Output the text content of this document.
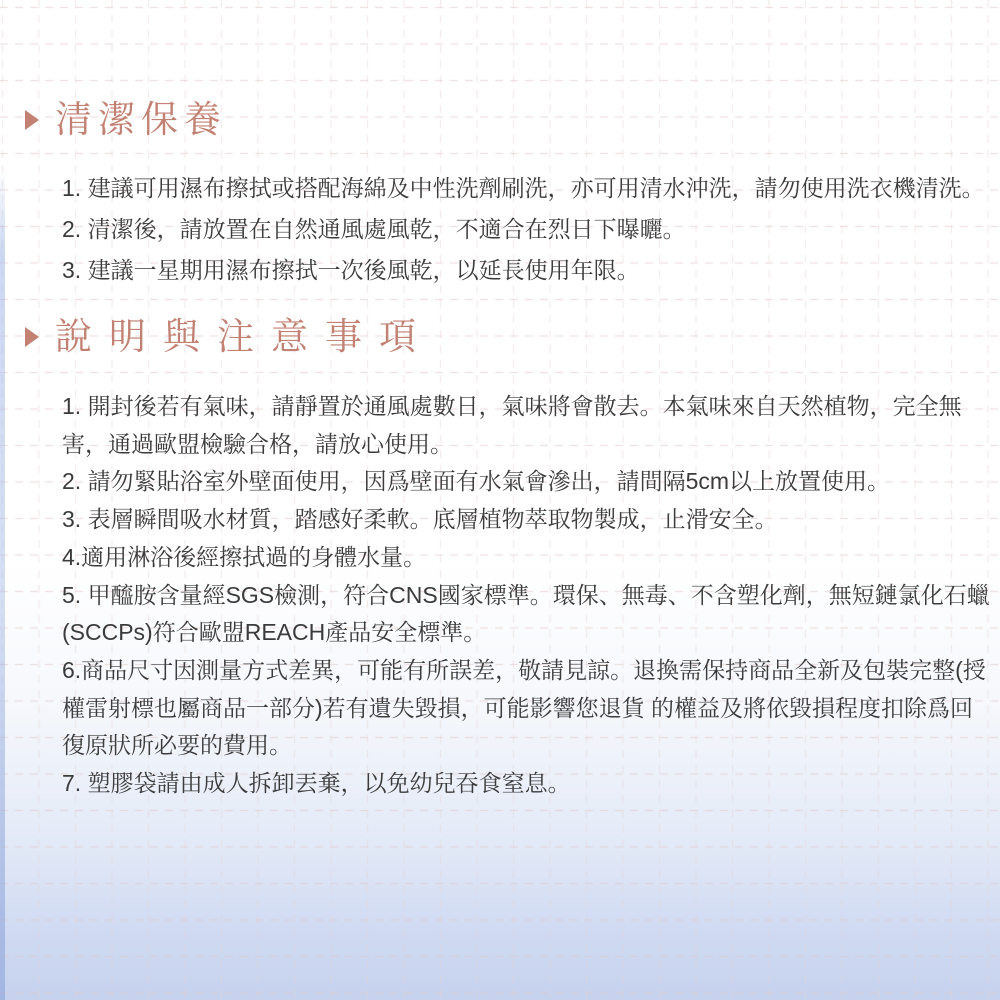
清潔保養

1. 建議可用濕布擦拭或搭配海綿及中性洗劑刷洗，亦可用清水沖洗，請勿使用洗衣機清洗。

2. 清潔後，請放置在自然通風處風乾，不適合在烈日下曝曬。

3. 建議一星期用濕布擦拭一次後風乾，以延長使用年限。

說明與注意事項

1. 開封後若有氣味，請靜置於通風處數日，氣味將會散去。本氣味來自天然植物，完全無害，通過歐盟檢驗合格，請放心使用。

2. 請勿緊貼浴室外壁面使用，因爲壁面有水氣會滲出，請間隔5cm以上放置使用。

3. 表層瞬間吸水材質，踏感好柔軟。底層植物萃取物製成，止滑安全。

4.適用淋浴後經擦拭過的身體水量。

5. 甲醯胺含量經SGS檢測，符合CNS國家標準。環保、無毒、不含塑化劑，無短鏈氯化石蠟(SCCPs)符合歐盟REACH產品安全標準。

6.商品尺寸因測量方式差異，可能有所誤差，敬請見諒。退換需保持商品全新及包裝完整(授權雷射標也屬商品一部分)若有遺失毀損，可能影響您退貨 的權益及將依毀損程度扣除爲回復原狀所必要的費用。

7. 塑膠袋請由成人拆卸丟棄，以免幼兒吞食窒息。
